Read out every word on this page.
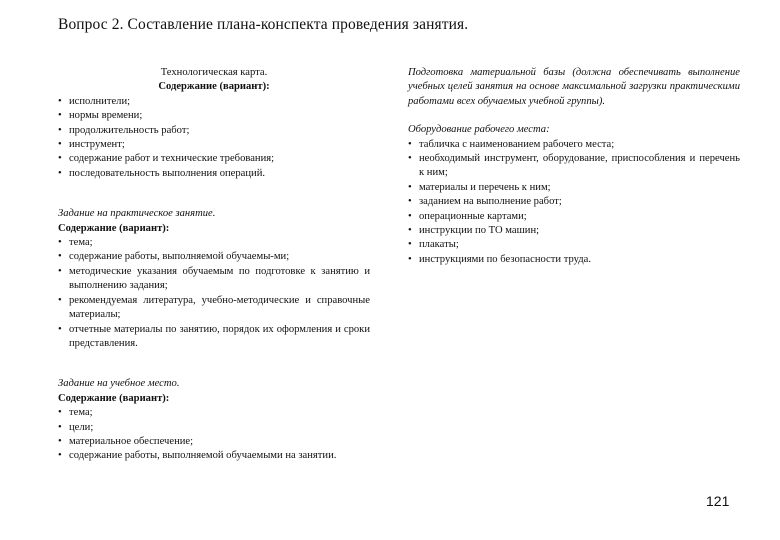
Вопрос 2. Составление плана-конспекта проведения занятия.
Технологическая карта.
Содержание (вариант):
• исполнители;
• нормы времени;
• продолжительность работ;
• инструмент;
• содержание работ и технические требования;
• последовательность выполнения операций.
Задание на практическое занятие.
Содержание (вариант):
• тема;
• содержание работы, выполняемой обучаемы-ми;
• методические указания обучаемым по подготовке к занятию и выполнению задания;
• рекомендуемая литература, учебно-методические и справочные материалы;
• отчетные материалы по занятию, порядок их оформления и сроки представления.
Задание на учебное место.
Содержание (вариант):
• тема;
• цели;
• материальное обеспечение;
• содержание работы, выполняемой обучаемыми на занятии.
Подготовка материальной базы (должна обеспечивать выполнение учебных целей занятия на основе максимальной загрузки практическими работами всех обучаемых учебной группы).
Оборудование рабочего места:
• табличка с наименованием рабочего места;
• необходимый инструмент, оборудование, приспособления и перечень к ним;
• материалы и перечень к ним;
• заданием на выполнение работ;
• операционные картами;
• инструкции по ТО машин;
• плакаты;
• инструкциями по безопасности труда.
121
